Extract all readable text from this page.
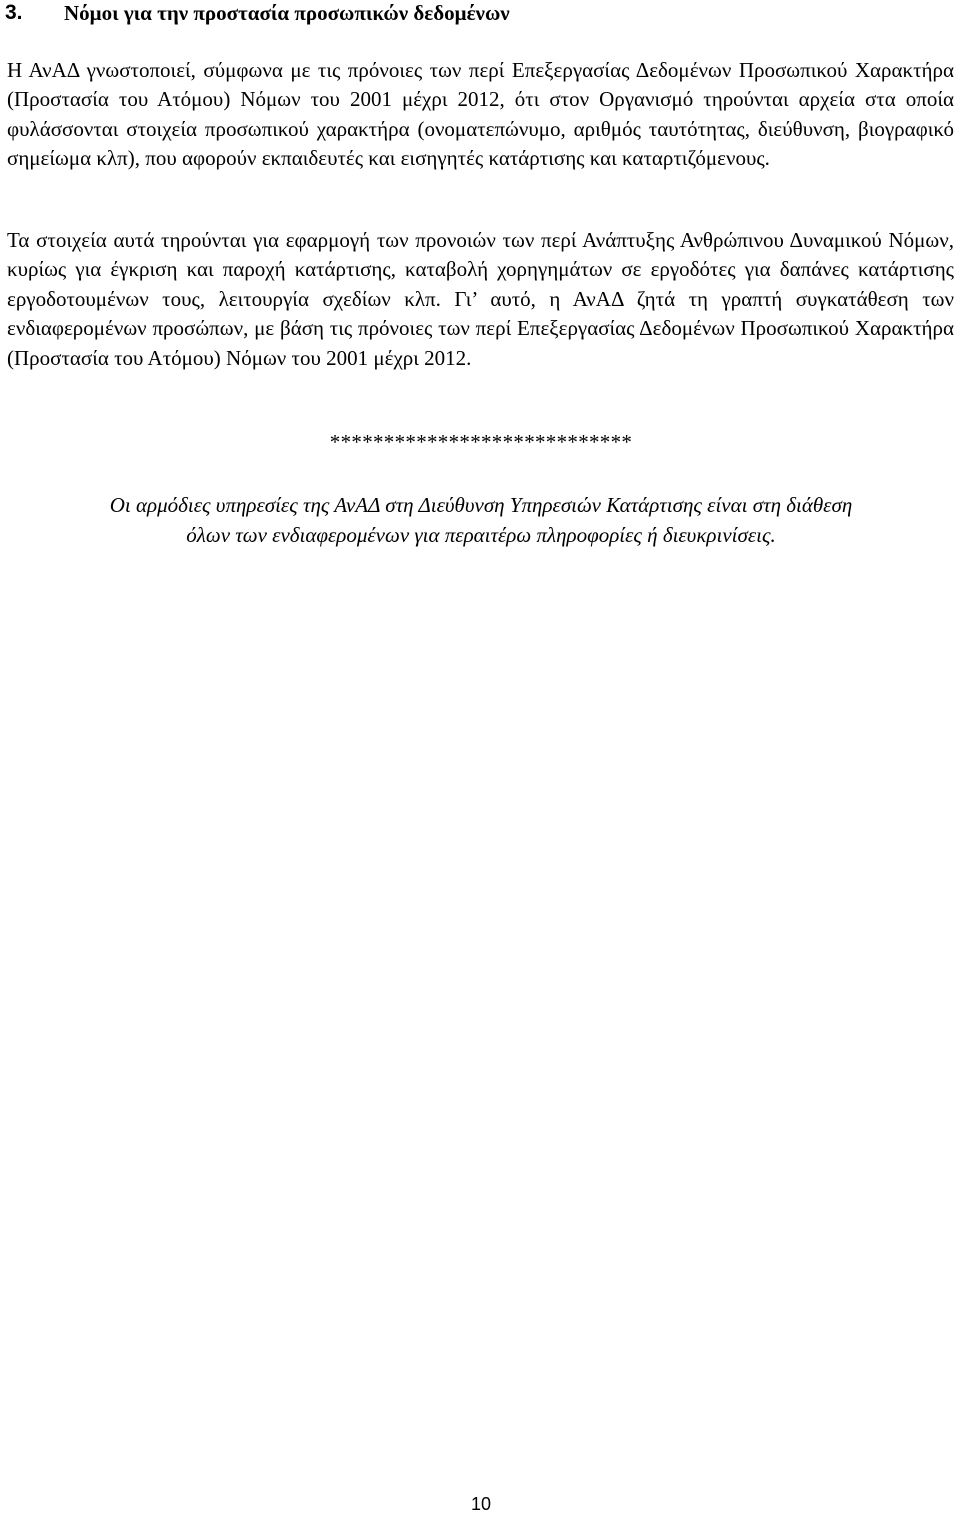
3. Νόμοι για την προστασία προσωπικών δεδομένων
Η ΑνΑΔ γνωστοποιεί, σύμφωνα με τις πρόνοιες των περί Επεξεργασίας Δεδομένων Προσωπικού Χαρακτήρα (Προστασία του Ατόμου) Νόμων του 2001 μέχρι 2012, ότι στον Οργανισμό τηρούνται αρχεία στα οποία φυλάσσονται στοιχεία προσωπικού χαρακτήρα (ονοματεπώνυμο, αριθμός ταυτότητας, διεύθυνση, βιογραφικό σημείωμα κλπ), που αφορούν εκπαιδευτές και εισηγητές κατάρτισης και καταρτιζόμενους.
Τα στοιχεία αυτά τηρούνται για εφαρμογή των προνοιών των περί Ανάπτυξης Ανθρώπινου Δυναμικού Νόμων, κυρίως για έγκριση και παροχή κατάρτισης, καταβολή χορηγημάτων σε εργοδότες για δαπάνες κατάρτισης εργοδοτουμένων τους, λειτουργία σχεδίων κλπ. Γι’ αυτό, η ΑνΑΔ ζητά τη γραπτή συγκατάθεση των ενδιαφερομένων προσώπων, με βάση τις πρόνοιες των περί Επεξεργασίας Δεδομένων Προσωπικού Χαρακτήρα (Προστασία του Ατόμου) Νόμων του 2001 μέχρι 2012.
****************************
Οι αρμόδιες υπηρεσίες της ΑνΑΔ στη Διεύθυνση Υπηρεσιών Κατάρτισης είναι στη διάθεση
όλων των ενδιαφερομένων για περαιτέρω πληροφορίες ή διευκρινίσεις.
10
